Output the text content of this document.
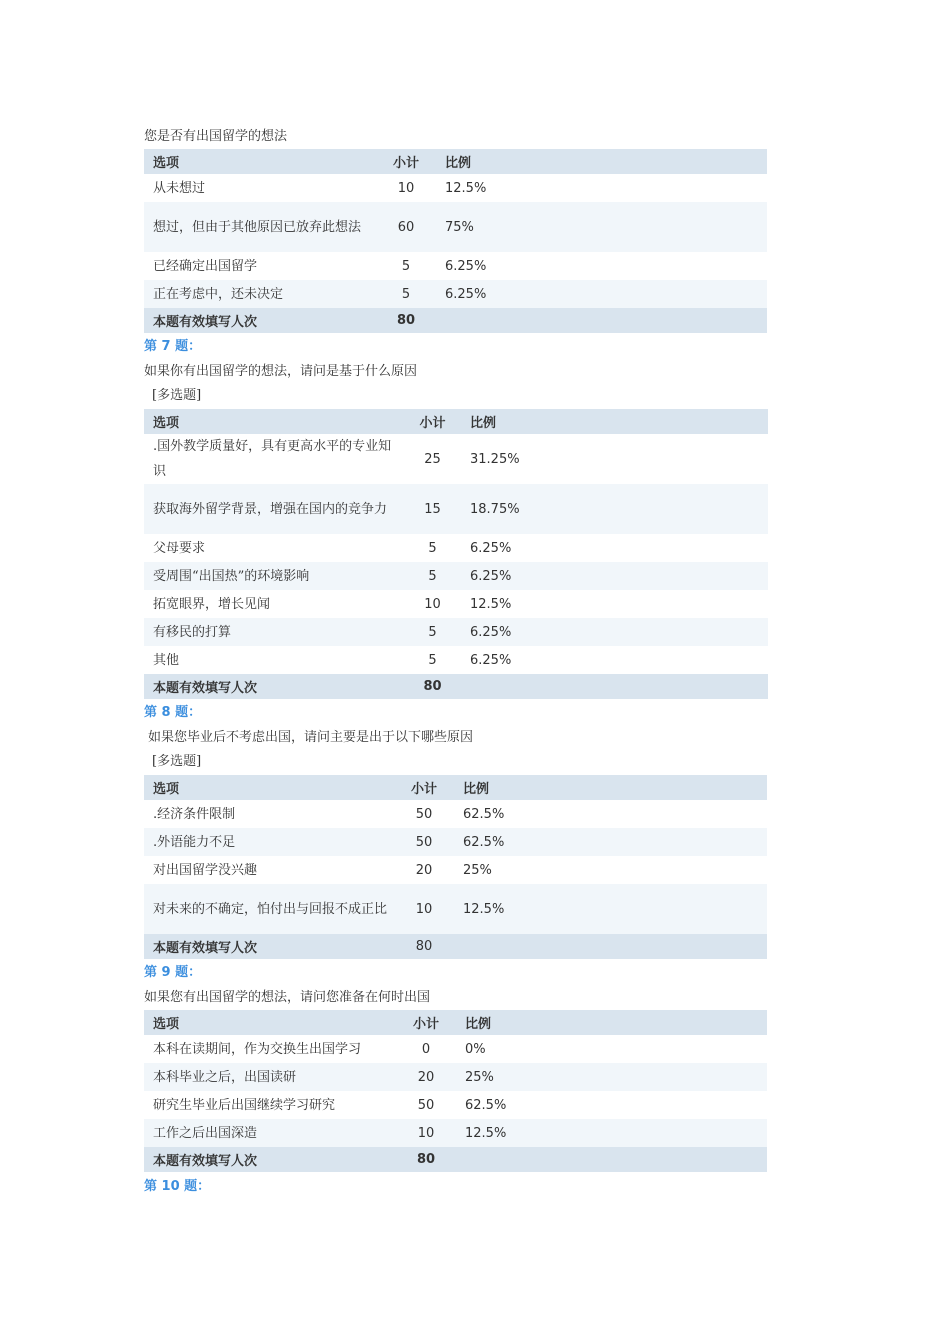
您是否有出国留学的想法
选项	小计	比例
从未想过	10	12.5%
想过，但由于其他原因已放弃此想法	60	75%
已经确定出国留学	5	6.25%
正在考虑中，还未决定	5	6.25%
本题有效填写人次	80	
第 7 题：
如果你有出国留学的想法，请问是基于什么原因
[多选题]
选项	小计	比例
.国外教学质量好，具有更高水平的专业知识	25	31.25%
获取海外留学背景，增强在国内的竞争力	15	18.75%
父母要求	5	6.25%
受周围“出国热”的环境影响	5	6.25%
拓宽眼界，增长见闻	10	12.5%
有移民的打算	5	6.25%
其他	5	6.25%
本题有效填写人次	80	
第 8 题：
如果您毕业后不考虑出国，请问主要是出于以下哪些原因
[多选题]
选项	小计	比例
.经济条件限制	50	62.5%
.外语能力不足	50	62.5%
对出国留学没兴趣	20	25%
对未来的不确定，怕付出与回报不成正比	10	12.5%
本题有效填写人次	80	
第 9 题：
如果您有出国留学的想法，请问您准备在何时出国
选项	小计	比例
本科在读期间，作为交换生出国学习	0	0%
本科毕业之后，出国读研	20	25%
研究生毕业后出国继续学习研究	50	62.5%
工作之后出国深造	10	12.5%
本题有效填写人次	80	
第 10 题：
